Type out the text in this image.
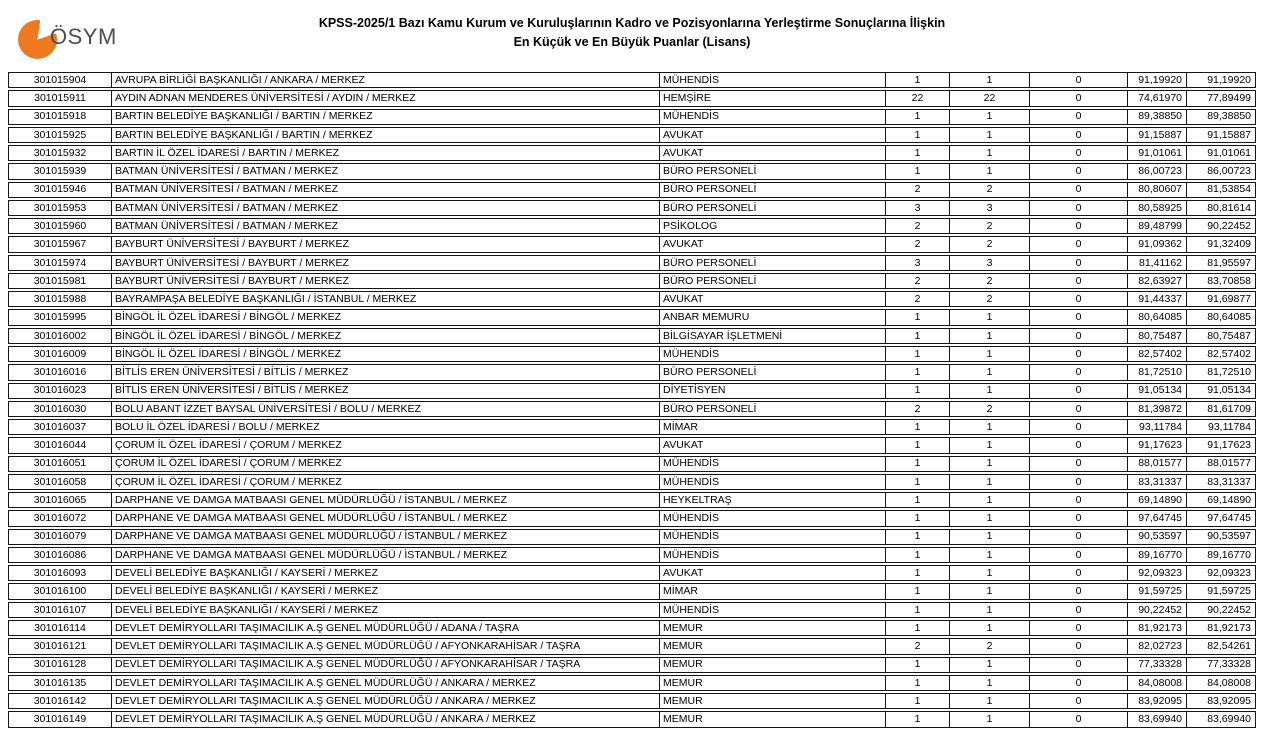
ÖSYM
KPSS-2025/1 Bazı Kamu Kurum ve Kuruluşlarının Kadro ve Pozisyonlarına Yerleştirme Sonuçlarına İlişkin
En Küçük ve En Büyük Puanlar (Lisans)
301015904	AVRUPA BİRLİĞİ BAŞKANLIĞI / ANKARA / MERKEZ	MÜHENDİS	1	1	0	91,19920	91,19920
301015911	AYDIN ADNAN MENDERES ÜNİVERSİTESİ / AYDIN / MERKEZ	HEMŞİRE	22	22	0	74,61970	77,89499
301015918	BARTIN BELEDİYE BAŞKANLIĞI / BARTIN / MERKEZ	MÜHENDİS	1	1	0	89,38850	89,38850
301015925	BARTIN BELEDİYE BAŞKANLIĞI / BARTIN / MERKEZ	AVUKAT	1	1	0	91,15887	91,15887
301015932	BARTIN İL ÖZEL İDARESİ / BARTIN / MERKEZ	AVUKAT	1	1	0	91,01061	91,01061
301015939	BATMAN ÜNİVERSİTESİ / BATMAN / MERKEZ	BÜRO PERSONELİ	1	1	0	86,00723	86,00723
301015946	BATMAN ÜNİVERSİTESİ / BATMAN / MERKEZ	BÜRO PERSONELİ	2	2	0	80,80607	81,53854
301015953	BATMAN ÜNİVERSİTESİ / BATMAN / MERKEZ	BÜRO PERSONELİ	3	3	0	80,58925	80,81614
301015960	BATMAN ÜNİVERSİTESİ / BATMAN / MERKEZ	PSİKOLOG	2	2	0	89,48799	90,22452
301015967	BAYBURT ÜNİVERSİTESİ / BAYBURT / MERKEZ	AVUKAT	2	2	0	91,09362	91,32409
301015974	BAYBURT ÜNİVERSİTESİ / BAYBURT / MERKEZ	BÜRO PERSONELİ	3	3	0	81,41162	81,95597
301015981	BAYBURT ÜNİVERSİTESİ / BAYBURT / MERKEZ	BÜRO PERSONELİ	2	2	0	82,63927	83,70858
301015988	BAYRAMPAŞA BELEDİYE BAŞKANLIĞI / İSTANBUL / MERKEZ	AVUKAT	2	2	0	91,44337	91,69877
301015995	BİNGÖL İL ÖZEL İDARESİ / BİNGÖL / MERKEZ	ANBAR MEMURU	1	1	0	80,64085	80,64085
301016002	BİNGÖL İL ÖZEL İDARESİ / BİNGÖL / MERKEZ	BİLGİSAYAR İŞLETMENİ	1	1	0	80,75487	80,75487
301016009	BİNGÖL İL ÖZEL İDARESİ / BİNGÖL / MERKEZ	MÜHENDİS	1	1	0	82,57402	82,57402
301016016	BİTLİS EREN ÜNİVERSİTESİ / BİTLİS / MERKEZ	BÜRO PERSONELİ	1	1	0	81,72510	81,72510
301016023	BİTLİS EREN ÜNİVERSİTESİ / BİTLİS / MERKEZ	DİYETİSYEN	1	1	0	91,05134	91,05134
301016030	BOLU ABANT İZZET BAYSAL ÜNİVERSİTESİ / BOLU / MERKEZ	BÜRO PERSONELİ	2	2	0	81,39872	81,61709
301016037	BOLU İL ÖZEL İDARESİ / BOLU / MERKEZ	MİMAR	1	1	0	93,11784	93,11784
301016044	ÇORUM İL ÖZEL İDARESİ / ÇORUM / MERKEZ	AVUKAT	1	1	0	91,17623	91,17623
301016051	ÇORUM İL ÖZEL İDARESİ / ÇORUM / MERKEZ	MÜHENDİS	1	1	0	88,01577	88,01577
301016058	ÇORUM İL ÖZEL İDARESİ / ÇORUM / MERKEZ	MÜHENDİS	1	1	0	83,31337	83,31337
301016065	DARPHANE VE DAMGA MATBAASI GENEL MÜDÜRLÜĞÜ / İSTANBUL / MERKEZ	HEYKELTRAŞ	1	1	0	69,14890	69,14890
301016072	DARPHANE VE DAMGA MATBAASI GENEL MÜDÜRLÜĞÜ / İSTANBUL / MERKEZ	MÜHENDİS	1	1	0	97,64745	97,64745
301016079	DARPHANE VE DAMGA MATBAASI GENEL MÜDÜRLÜĞÜ / İSTANBUL / MERKEZ	MÜHENDİS	1	1	0	90,53597	90,53597
301016086	DARPHANE VE DAMGA MATBAASI GENEL MÜDÜRLÜĞÜ / İSTANBUL / MERKEZ	MÜHENDİS	1	1	0	89,16770	89,16770
301016093	DEVELİ BELEDİYE BAŞKANLIĞI / KAYSERİ / MERKEZ	AVUKAT	1	1	0	92,09323	92,09323
301016100	DEVELİ BELEDİYE BAŞKANLIĞI / KAYSERİ / MERKEZ	MİMAR	1	1	0	91,59725	91,59725
301016107	DEVELİ BELEDİYE BAŞKANLIĞI / KAYSERİ / MERKEZ	MÜHENDİS	1	1	0	90,22452	90,22452
301016114	DEVLET DEMİRYOLLARI TAŞIMACILIK A.Ş GENEL MÜDÜRLÜĞÜ / ADANA / TAŞRA	MEMUR	1	1	0	81,92173	81,92173
301016121	DEVLET DEMİRYOLLARI TAŞIMACILIK A.Ş GENEL MÜDÜRLÜĞÜ / AFYONKARAHİSAR / TAŞRA	MEMUR	2	2	0	82,02723	82,54261
301016128	DEVLET DEMİRYOLLARI TAŞIMACILIK A.Ş GENEL MÜDÜRLÜĞÜ / AFYONKARAHİSAR / TAŞRA	MEMUR	1	1	0	77,33328	77,33328
301016135	DEVLET DEMİRYOLLARI TAŞIMACILIK A.Ş GENEL MÜDÜRLÜĞÜ / ANKARA / MERKEZ	MEMUR	1	1	0	84,08008	84,08008
301016142	DEVLET DEMİRYOLLARI TAŞIMACILIK A.Ş GENEL MÜDÜRLÜĞÜ / ANKARA / MERKEZ	MEMUR	1	1	0	83,92095	83,92095
301016149	DEVLET DEMİRYOLLARI TAŞIMACILIK A.Ş GENEL MÜDÜRLÜĞÜ / ANKARA / MERKEZ	MEMUR	1	1	0	83,69940	83,69940
